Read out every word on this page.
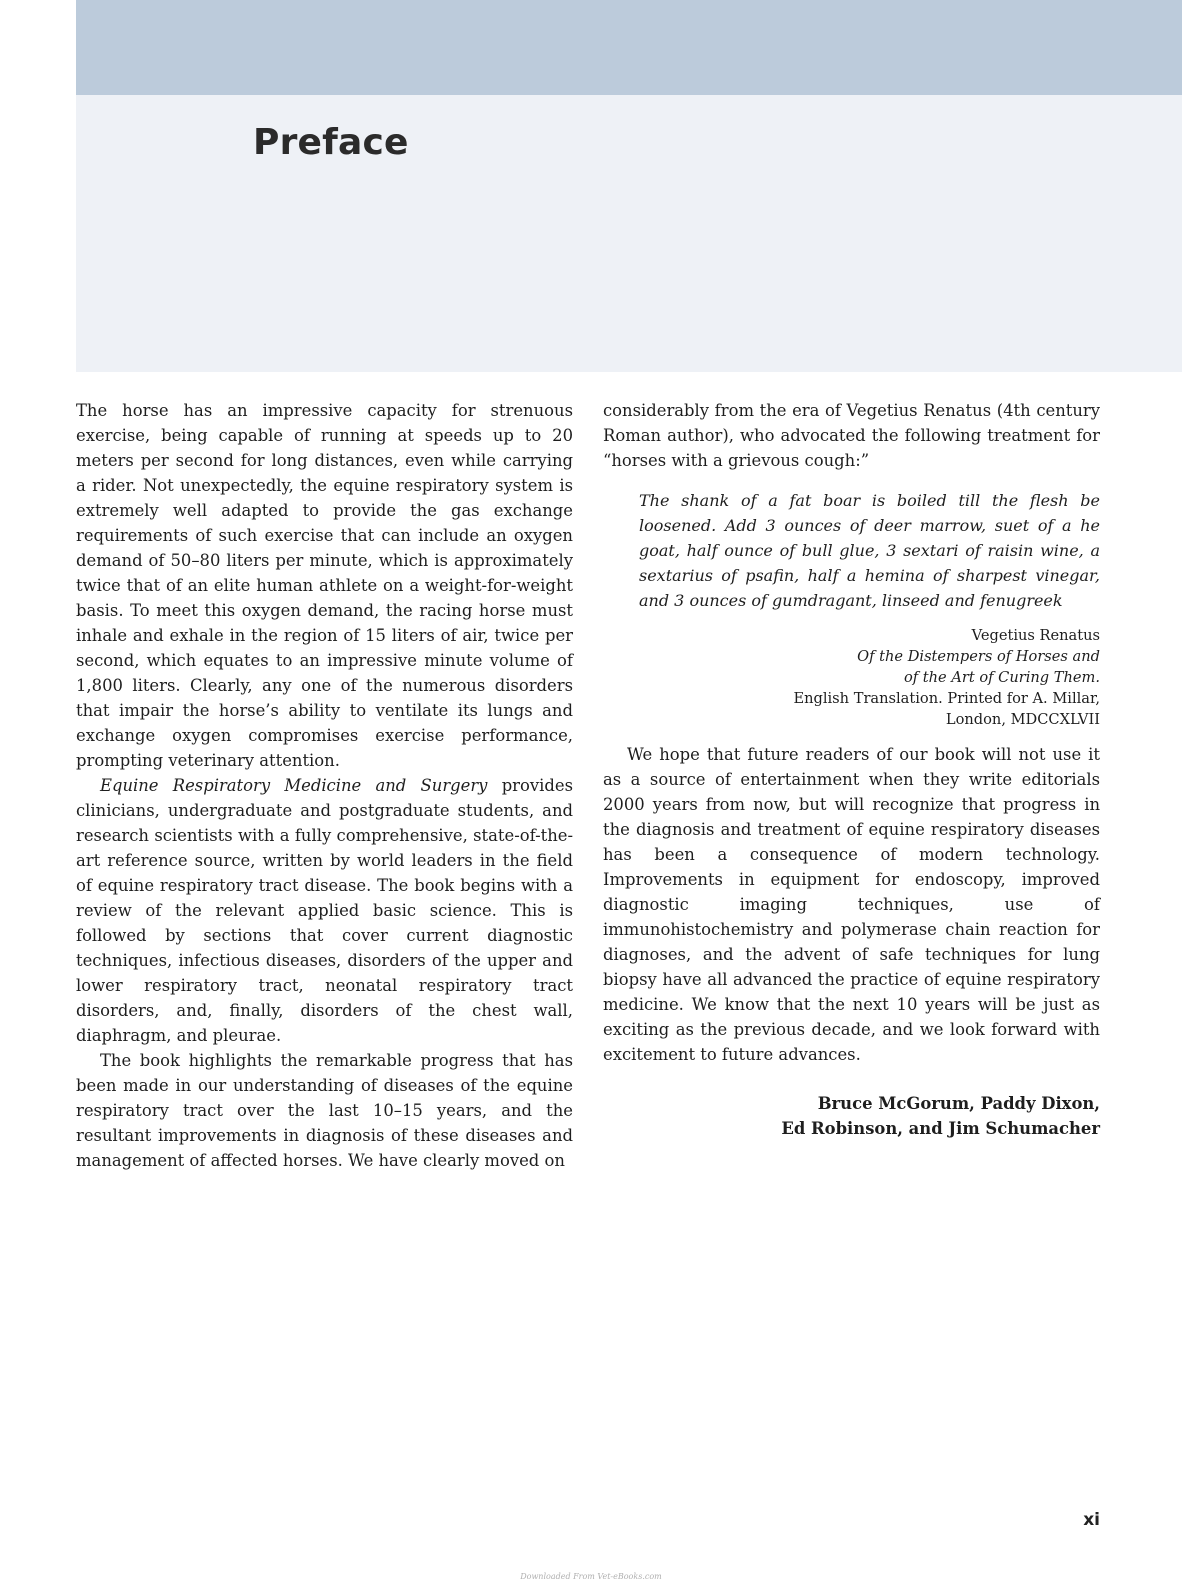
Preface

The horse has an impressive capacity for strenuous exercise, being capable of running at speeds up to 20 meters per second for long distances, even while carrying a rider. Not unexpectedly, the equine respiratory system is extremely well adapted to provide the gas exchange requirements of such exercise that can include an oxygen demand of 50–80 liters per minute, which is approximately twice that of an elite human athlete on a weight-for-weight basis. To meet this oxygen demand, the racing horse must inhale and exhale in the region of 15 liters of air, twice per second, which equates to an impressive minute volume of 1,800 liters. Clearly, any one of the numerous disorders that impair the horse’s ability to ventilate its lungs and exchange oxygen compromises exercise performance, prompting veterinary attention.

Equine Respiratory Medicine and Surgery provides clinicians, undergraduate and postgraduate students, and research scientists with a fully comprehensive, state-of-the-art reference source, written by world leaders in the field of equine respiratory tract disease. The book begins with a review of the relevant applied basic science. This is followed by sections that cover current diagnostic techniques, infectious diseases, disorders of the upper and lower respiratory tract, neonatal respiratory tract disorders, and, finally, disorders of the chest wall, diaphragm, and pleurae.

The book highlights the remarkable progress that has been made in our understanding of diseases of the equine respiratory tract over the last 10–15 years, and the resultant improvements in diagnosis of these diseases and management of affected horses. We have clearly moved on

considerably from the era of Vegetius Renatus (4th century Roman author), who advocated the following treatment for “horses with a grievous cough:”

The shank of a fat boar is boiled till the flesh be loosened. Add 3 ounces of deer marrow, suet of a he goat, half ounce of bull glue, 3 sextari of raisin wine, a sextarius of psafin, half a hemina of sharpest vinegar, and 3 ounces of gumdragant, linseed and fenugreek
Vegetius Renatus
Of the Distempers of Horses and
of the Art of Curing Them.
English Translation. Printed for A. Millar,
London, MDCCXLVII

We hope that future readers of our book will not use it as a source of entertainment when they write editorials 2000 years from now, but will recognize that progress in the diagnosis and treatment of equine respiratory diseases has been a consequence of modern technology. Improvements in equipment for endoscopy, improved diagnostic imaging techniques, use of immunohistochemistry and polymerase chain reaction for diagnoses, and the advent of safe techniques for lung biopsy have all advanced the practice of equine respiratory medicine. We know that the next 10 years will be just as exciting as the previous decade, and we look forward with excitement to future advances.

Bruce McGorum, Paddy Dixon,
Ed Robinson, and Jim Schumacher
xi
Downloaded From Vet-eBooks.com
